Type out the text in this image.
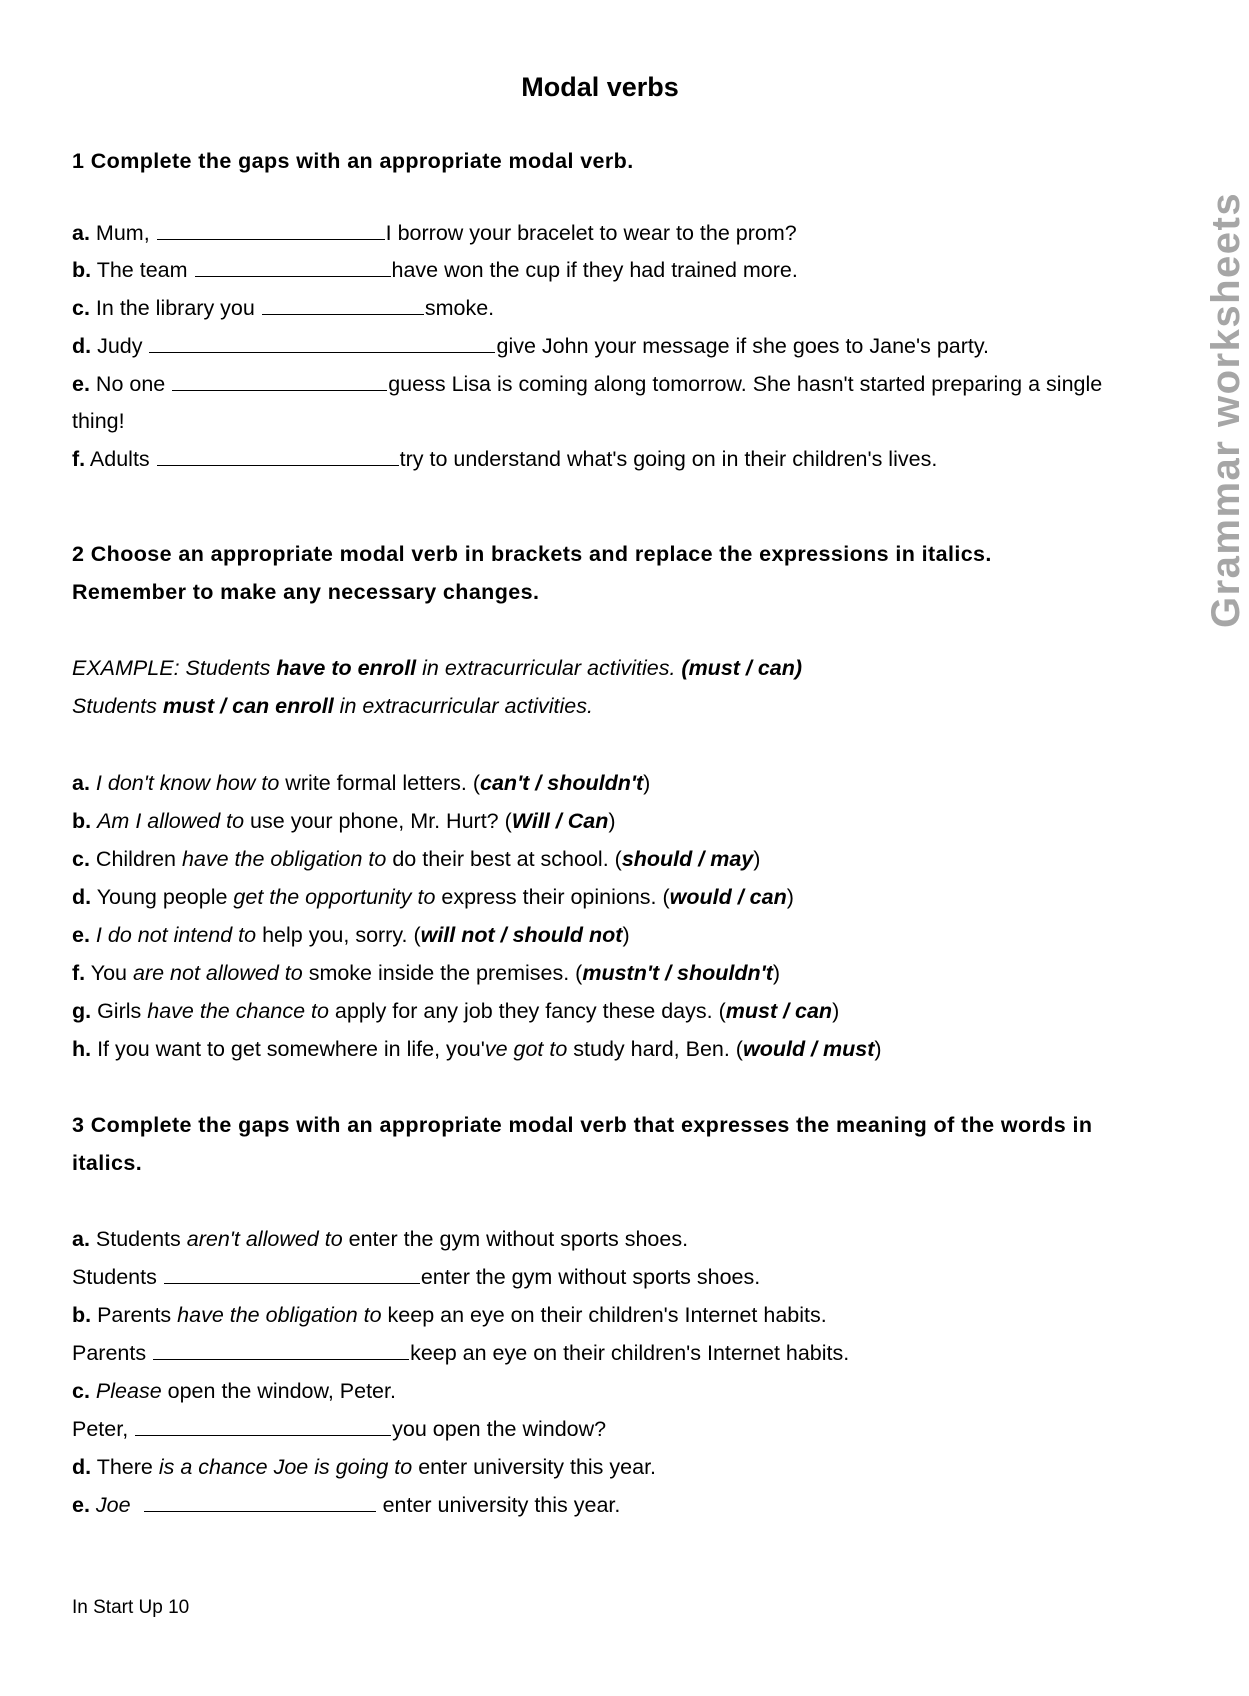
Modal verbs
Grammar worksheets
1 Complete the gaps with an appropriate modal verb.
a. Mum,	I borrow your bracelet to wear to the prom?
b. The team	have won the cup if they had trained more.
c. In the library you	smoke.
d. Judy	give John your message if she goes to Jane's party.
e. No one	guess Lisa is coming along tomorrow. She hasn't started preparing a single
thing!
f. Adults	try to understand what's going on in their children's lives.
2 Choose an appropriate modal verb in brackets and replace the expressions in italics.
Remember to make any necessary changes.
EXAMPLE: Students have to enroll in extracurricular activities. (must / can)
Students must / can enroll in extracurricular activities.
a. I don't know how to write formal letters. (can't / shouldn't)
b. Am I allowed to use your phone, Mr. Hurt? (Will / Can)
c. Children have the obligation to do their best at school. (should / may)
d. Young people get the opportunity to express their opinions. (would / can)
e. I do not intend to help you, sorry. (will not / should not)
f. You are not allowed to smoke inside the premises. (mustn't / shouldn't)
g. Girls have the chance to apply for any job they fancy these days. (must / can)
h. If you want to get somewhere in life, you've got to study hard, Ben. (would / must)
3 Complete the gaps with an appropriate modal verb that expresses the meaning of the words in
italics.
a. Students aren't allowed to enter the gym without sports shoes.
Students	enter the gym without sports shoes.
b. Parents have the obligation to keep an eye on their children's Internet habits.
Parents	keep an eye on their children's Internet habits.
c. Please open the window, Peter.
Peter,	you open the window?
d. There is a chance Joe is going to enter university this year.
e. Joe	enter university this year.
In Start Up 10
